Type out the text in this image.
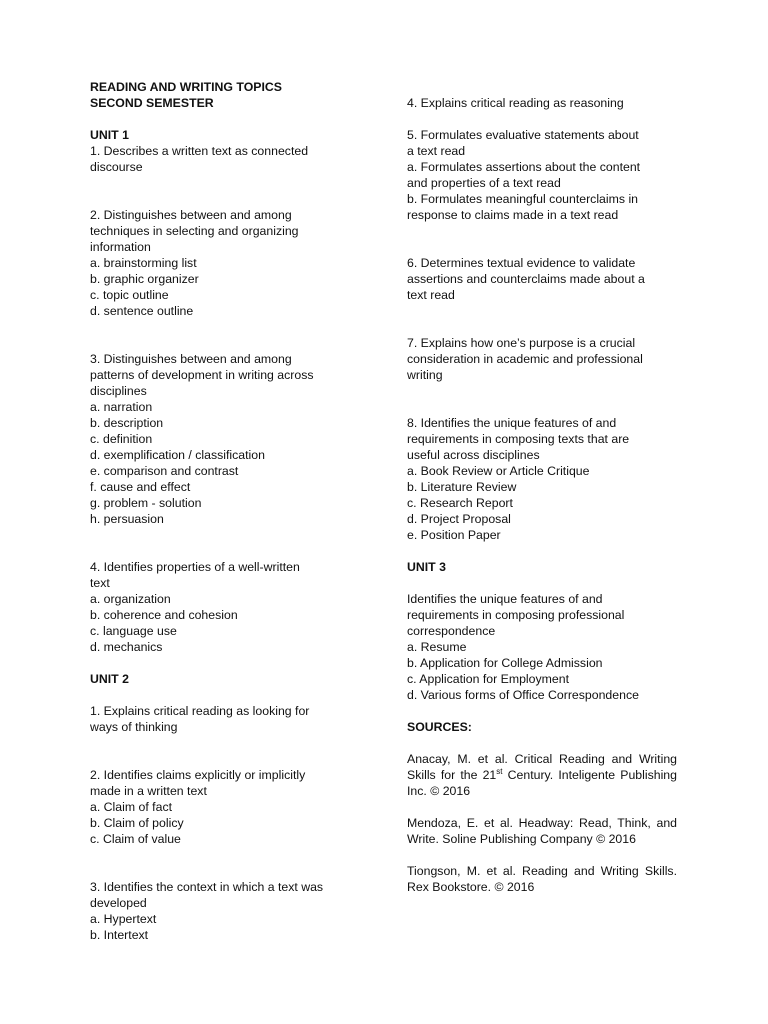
READING AND WRITING TOPICS
SECOND SEMESTER
UNIT 1
1. Describes a written text as connected
discourse
2. Distinguishes between and among
techniques in selecting and organizing
information
a. brainstorming list
b. graphic organizer
c. topic outline
d. sentence outline
3. Distinguishes between and among
patterns of development in writing across
disciplines
a. narration
b. description
c. definition
d. exemplification / classification
e. comparison and contrast
f. cause and effect
g. problem - solution
h. persuasion
4. Identifies properties of a well-written
text
a. organization
b. coherence and cohesion
c. language use
d. mechanics
UNIT 2
1. Explains critical reading as looking for
ways of thinking
2. Identifies claims explicitly or implicitly
made in a written text
a. Claim of fact
b. Claim of policy
c. Claim of value
3. Identifies the context in which a text was
developed
a. Hypertext
b. Intertext
4. Explains critical reading as reasoning
5. Formulates evaluative statements about
a text read
a. Formulates assertions about the content
and properties of a text read
b. Formulates meaningful counterclaims in
response to claims made in a text read
6. Determines textual evidence to validate
assertions and counterclaims made about a
text read
7. Explains how one’s purpose is a crucial
consideration in academic and professional
writing
8. Identifies the unique features of and
requirements in composing texts that are
useful across disciplines
a. Book Review or Article Critique
b. Literature Review
c. Research Report
d. Project Proposal
e. Position Paper
UNIT 3
Identifies the unique features of and
requirements in composing professional
correspondence
a. Resume
b. Application for College Admission
c. Application for Employment
d. Various forms of Office Correspondence
SOURCES:
Anacay, M. et al. Critical Reading and Writing Skills for the 21st Century. Inteligente Publishing Inc. © 2016
Mendoza, E. et al. Headway: Read, Think, and Write. Soline Publishing Company © 2016
Tiongson, M. et al. Reading and Writing Skills. Rex Bookstore. © 2016
